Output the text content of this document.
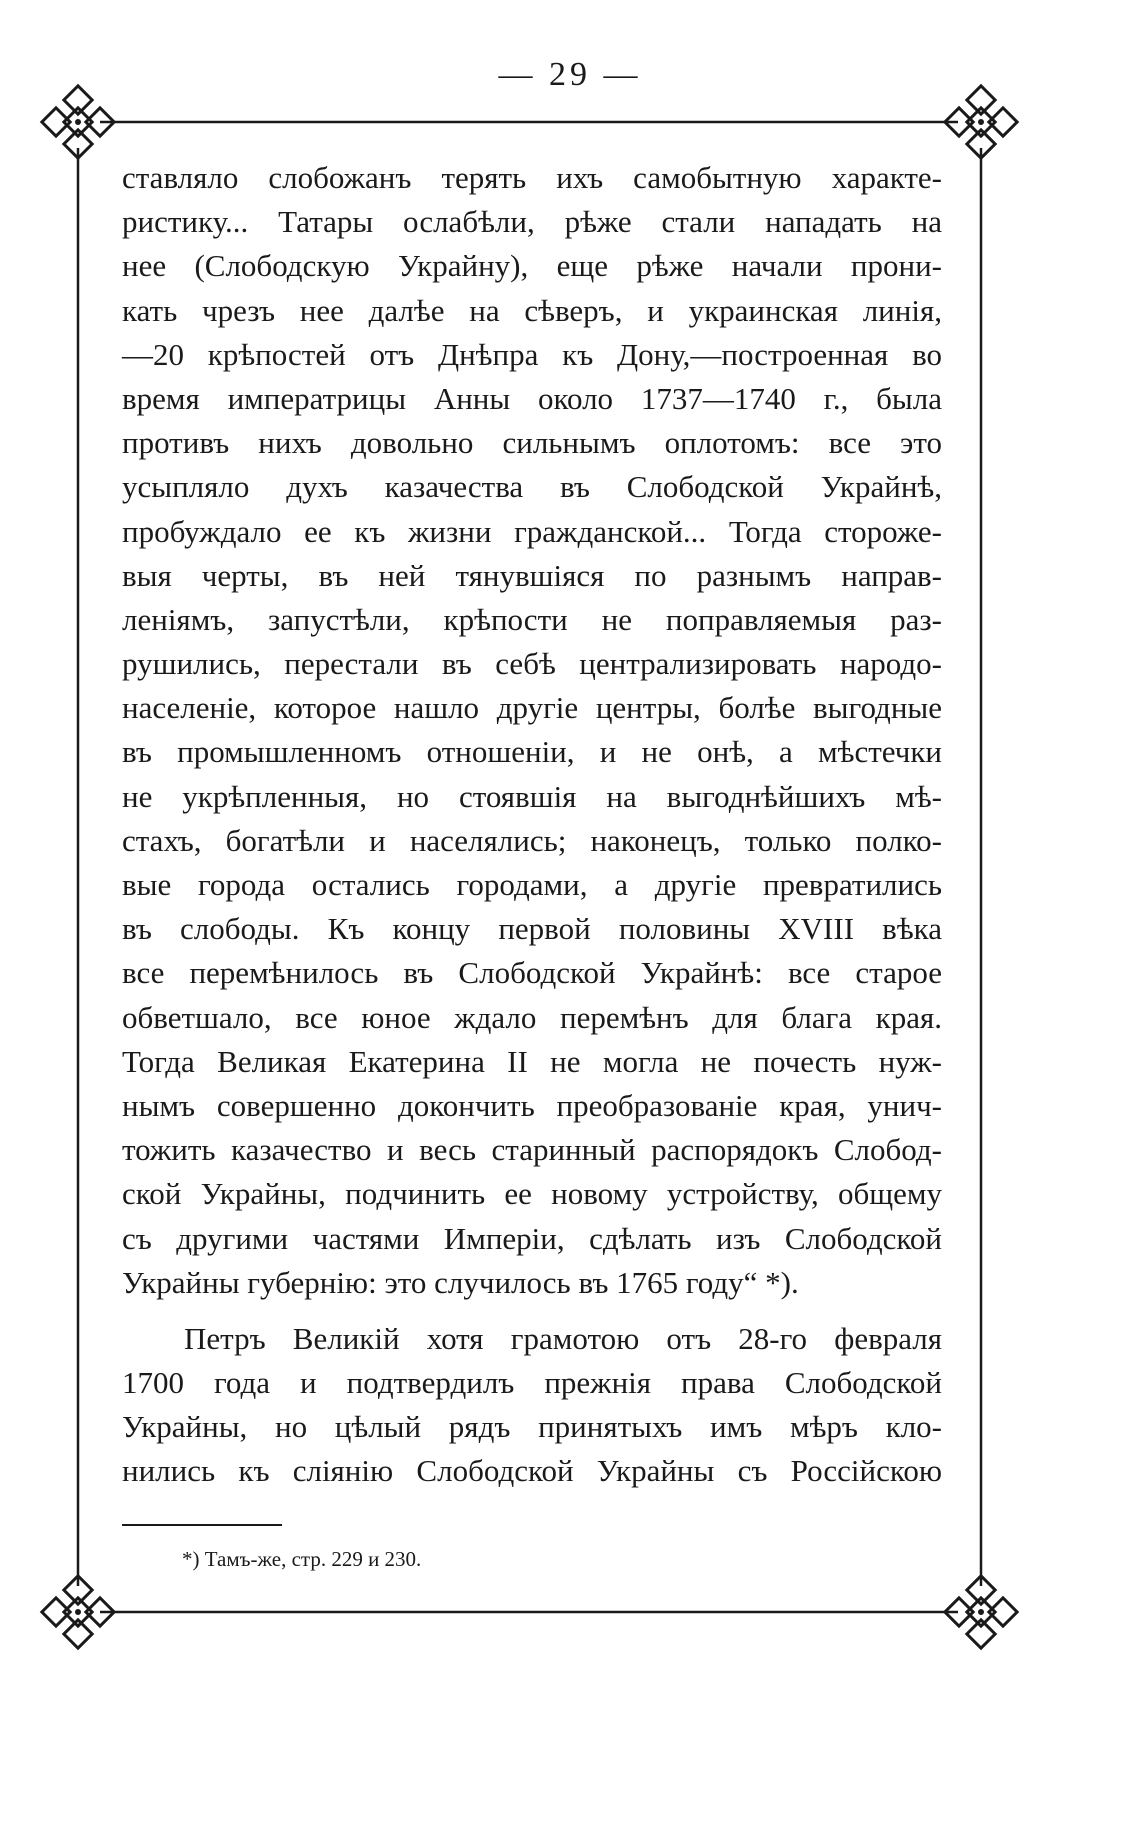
— 29 —
ставляло слобожанъ терять ихъ самобытную характе-
ристику... Татары ослабѣли, рѣже стали нападать на
нее (Слободскую Украйну), еще рѣже начали прони-
кать чрезъ нее далѣе на сѣверъ, и украинская линія,
—20 крѣпостей отъ Днѣпра къ Дону,—построенная во
время императрицы Анны около 1737—1740 г., была
противъ нихъ довольно сильнымъ оплотомъ: все это
усыпляло духъ казачества въ Слободской Украйнѣ,
пробуждало ее къ жизни гражданской... Тогда стороже-
выя черты, въ ней тянувшіяся по разнымъ направ-
леніямъ, запустѣли, крѣпости не поправляемыя раз-
рушились, перестали въ себѣ централизировать народо-
населеніе, которое нашло другіе центры, болѣе выгодные
въ промышленномъ отношеніи, и не онѣ, а мѣстечки
не укрѣпленныя, но стоявшія на выгоднѣйшихъ мѣ-
стахъ, богатѣли и населялись; наконецъ, только полко-
вые города остались городами, а другіе превратились
въ слободы. Къ концу первой половины XVIII вѣка
все перемѣнилось въ Слободской Украйнѣ: все старое
обветшало, все юное ждало перемѣнъ для блага края.
Тогда Великая Екатерина II не могла не почесть нуж-
нымъ совершенно докончить преобразованіе края, унич-
тожить казачество и весь старинный распорядокъ Слобод-
ской Украйны, подчинить ее новому устройству, общему
съ другими частями Имперіи, сдѣлать изъ Слободской
Украйны губернію: это случилось въ 1765 году“ *).
Петръ Великій хотя грамотою отъ 28-го февраля
1700 года и подтвердилъ прежнія права Слободской
Украйны, но цѣлый рядъ принятыхъ имъ мѣръ кло-
нились къ сліянію Слободской Украйны съ Россійскою
*) Тамъ-же, стр. 229 и 230.
